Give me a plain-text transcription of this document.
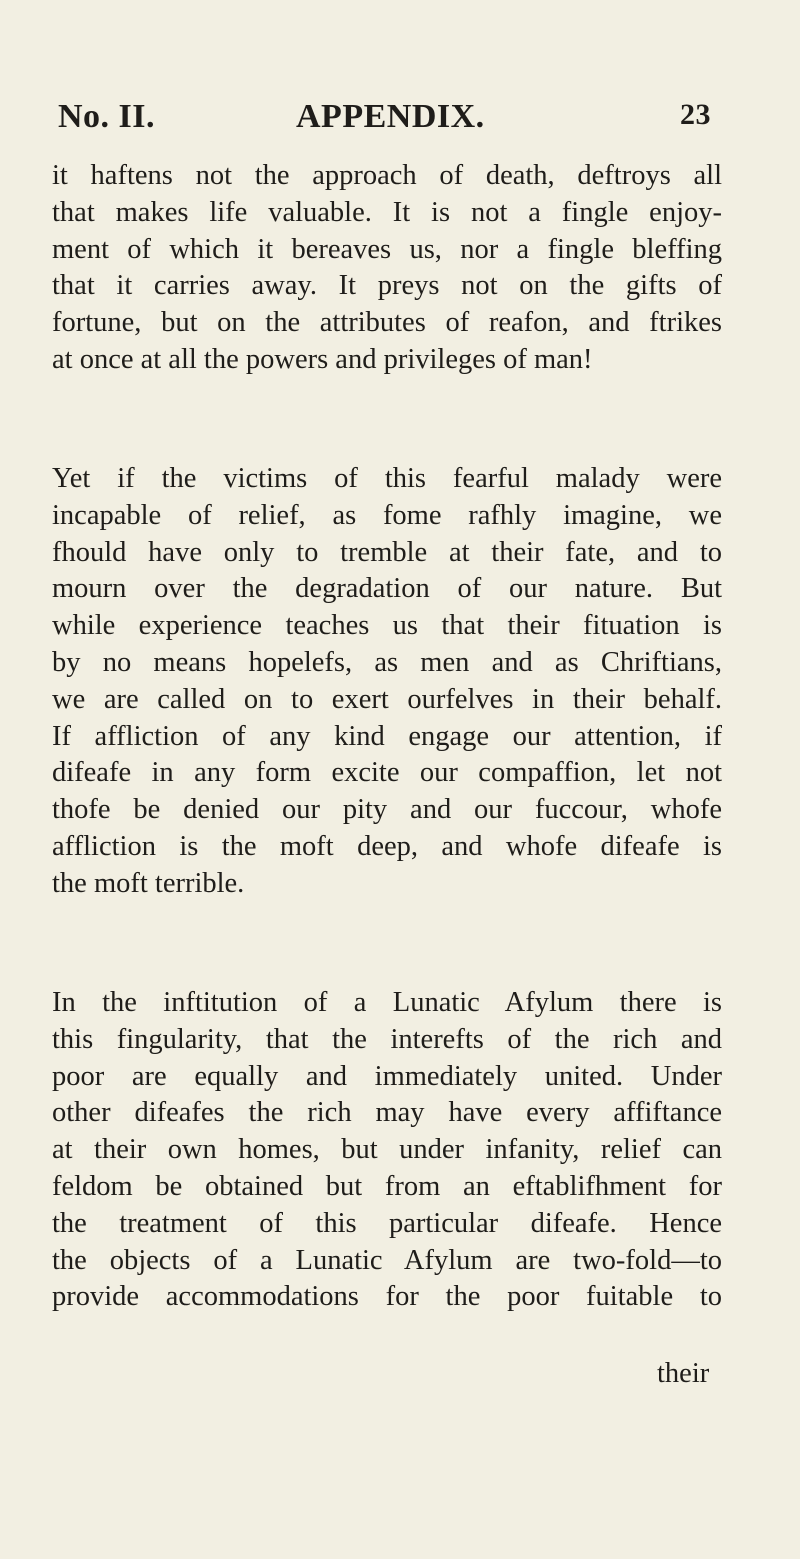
No. II.	APPENDIX.	23
it haftens not the approach of death, deftroys all
that makes life valuable. It is not a fingle enjoy-
ment of which it bereaves us, nor a fingle bleffing
that it carries away. It preys not on the gifts of
fortune, but on the attributes of reafon, and ftrikes
at once at all the powers and privileges of man!
Yet if the victims of this fearful malady were
incapable of relief, as fome rafhly imagine, we
fhould have only to tremble at their fate, and to
mourn over the degradation of our nature. But
while experience teaches us that their fituation is
by no means hopelefs, as men and as Chriftians,
we are called on to exert ourfelves in their behalf.
If affliction of any kind engage our attention, if
difeafe in any form excite our compaffion, let not
thofe be denied our pity and our fuccour, whofe
affliction is the moft deep, and whofe difeafe is
the moft terrible.
In the inftitution of a Lunatic Afylum there is
this fingularity, that the interefts of the rich and
poor are equally and immediately united. Under
other difeafes the rich may have every affiftance
at their own homes, but under infanity, relief can
feldom be obtained but from an eftablifhment for
the treatment of this particular difeafe. Hence
the objects of a Lunatic Afylum are two-fold—to
provide accommodations for the poor fuitable to
their
